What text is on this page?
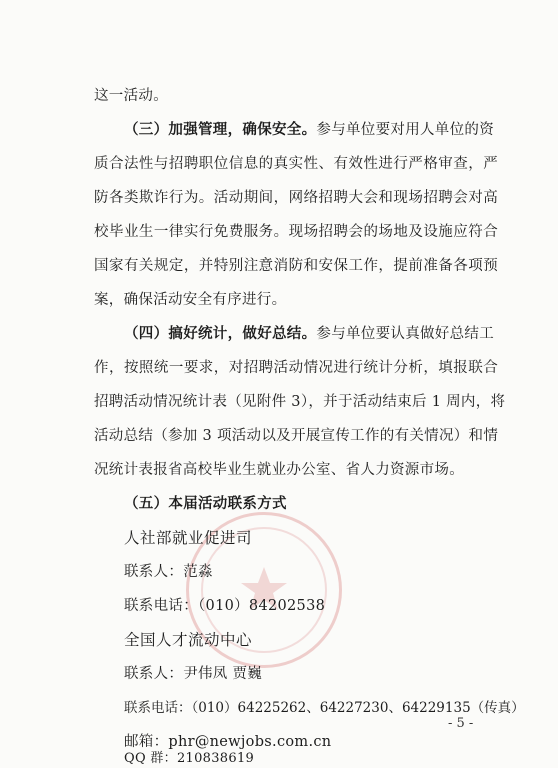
这一活动。
（三）加强管理，确保安全。参与单位要对用人单位的资
质合法性与招聘职位信息的真实性、有效性进行严格审查，严
防各类欺诈行为。活动期间，网络招聘大会和现场招聘会对高
校毕业生一律实行免费服务。现场招聘会的场地及设施应符合
国家有关规定，并特别注意消防和安保工作，提前准备各项预
案，确保活动安全有序进行。
（四）搞好统计，做好总结。参与单位要认真做好总结工
作，按照统一要求，对招聘活动情况进行统计分析，填报联合
招聘活动情况统计表（见附件 3），并于活动结束后 1 周内，将
活动总结（参加 3 项活动以及开展宣传工作的有关情况）和情
况统计表报省高校毕业生就业办公室、省人力资源市场。
（五）本届活动联系方式
人社部就业促进司
联系人：范淼
联系电话：（010）84202538
全国人才流动中心
联系人：尹伟凤 贾巍
联系电话：（010）64225262、64227230、64229135（传真）
邮箱：phr@newjobs.com.cn
QQ 群：210838619
- 5 -
